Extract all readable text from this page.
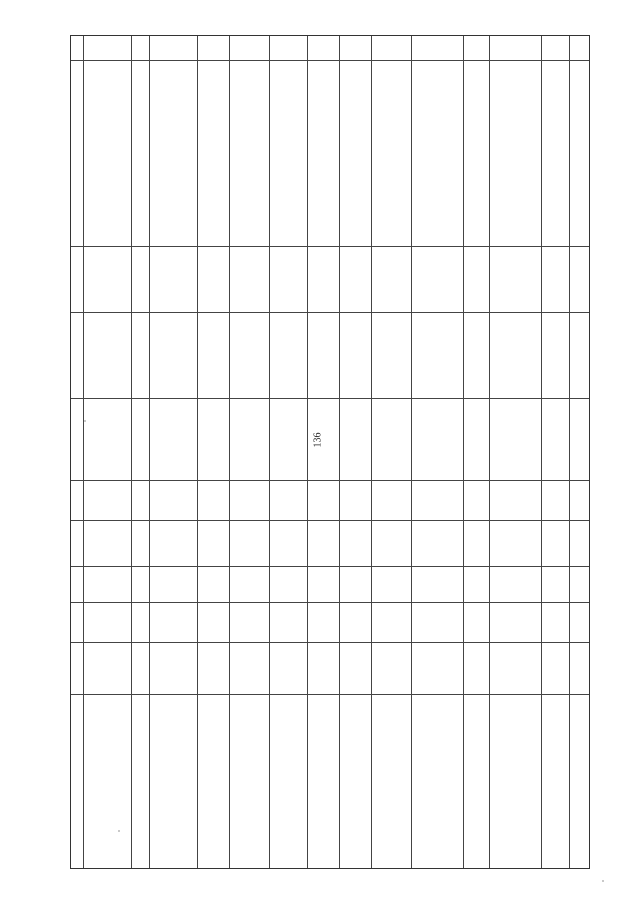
136
